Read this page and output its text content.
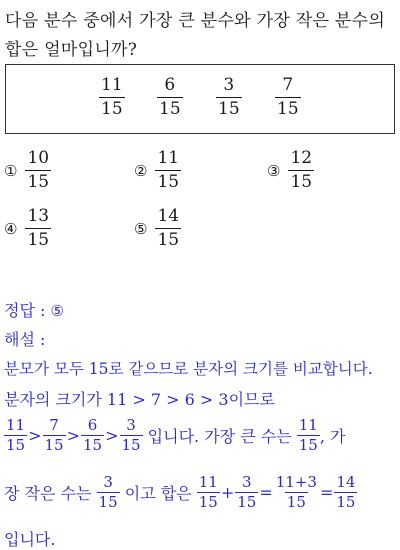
다음 분수 중에서 가장 큰 분수와 가장 작은 분수의
합은 얼마입니까?
$\frac{11}{15} \frac{6}{15} \frac{3}{15} \frac{7}{15}$
① $\frac{10}{15}$	② $\frac{11}{15}$	③ $\frac{12}{15}$
④ $\frac{13}{15}$	⑤ $\frac{14}{15}$
정답 : ⑤
해설 :
분모가 모두 15로 같으므로 분자의 크기를 비교합니다.
분자의 크기가 11 > 7 > 6 > 3이므로
$\frac{11}{15} > \frac{7}{15} > \frac{6}{15} > \frac{3}{15}$ 입니다. 가장 큰 수는 $\frac{11}{15}$ , 가
장 작은 수는 $\frac{3}{15}$ 이고 합은 $\frac{11}{15} + \frac{3}{15} = \frac{11+3}{15} = \frac{14}{15}$
입니다.
